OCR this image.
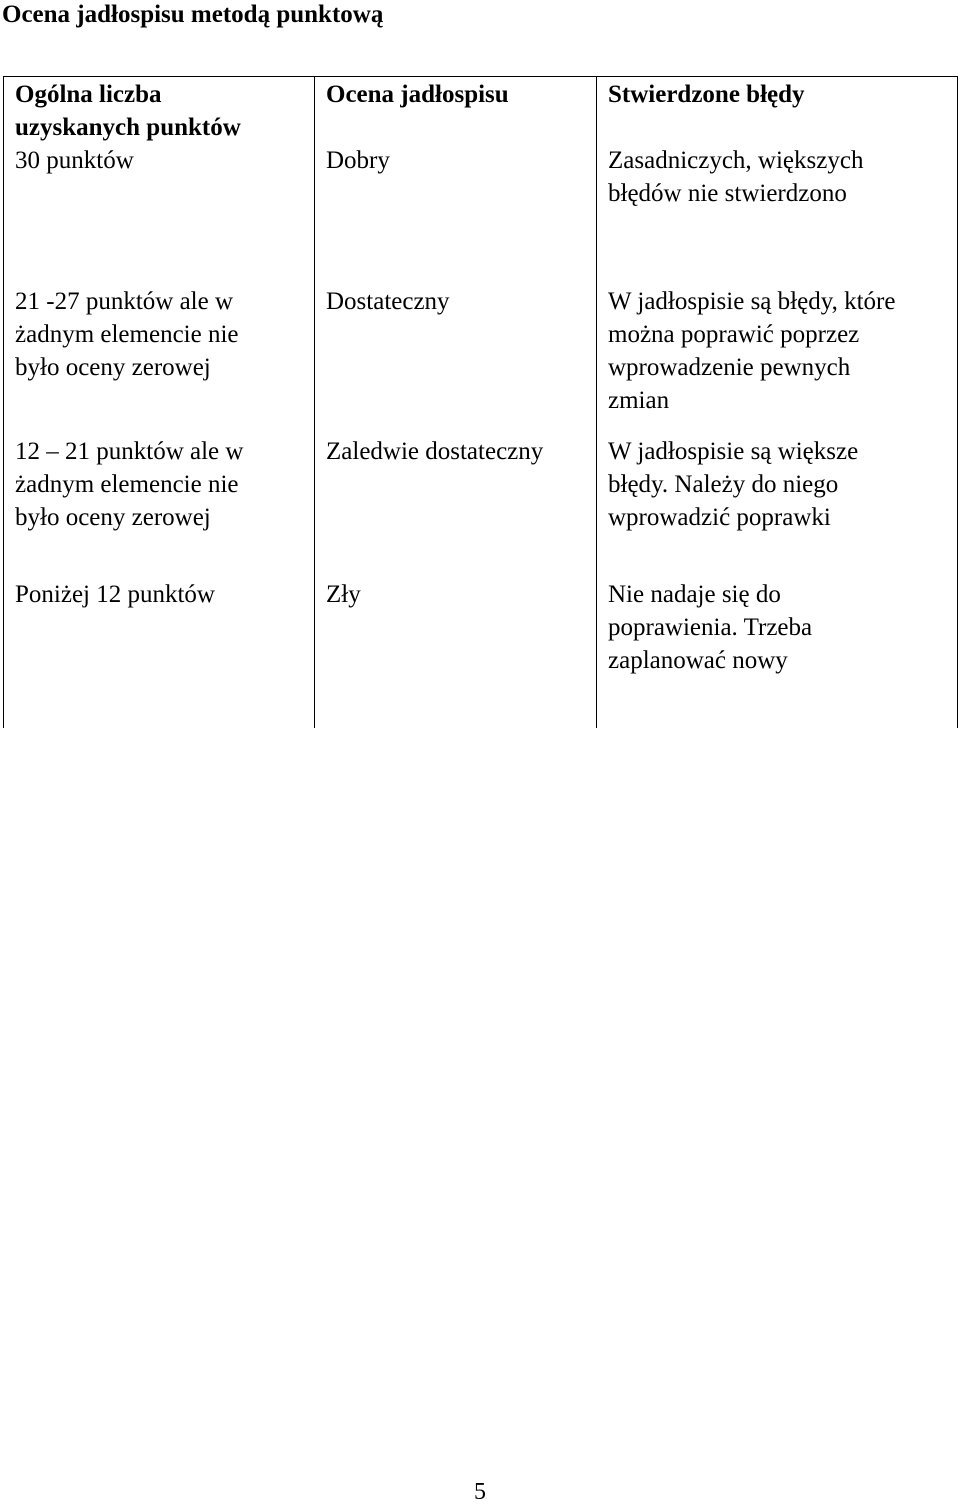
Ocena jadłospisu metodą punktową
Ogólna liczba
uzyskanych punktów	Ocena jadłospisu	Stwierdzone błędy

30 punktów	Dobry	Zasadniczych, większych
błędów nie stwierdzono

21 -27 punktów ale w
żadnym elemencie nie
było oceny zerowej	Dostateczny	W jadłospisie są błędy, które
można poprawić poprzez
wprowadzenie pewnych
zmian

12 – 21 punktów ale w
żadnym elemencie nie
było oceny zerowej	Zaledwie dostateczny	W jadłospisie są większe
błędy. Należy do niego
wprowadzić poprawki

Poniżej 12 punktów	Zły	Nie nadaje się do
poprawienia. Trzeba
zaplanować nowy
5
